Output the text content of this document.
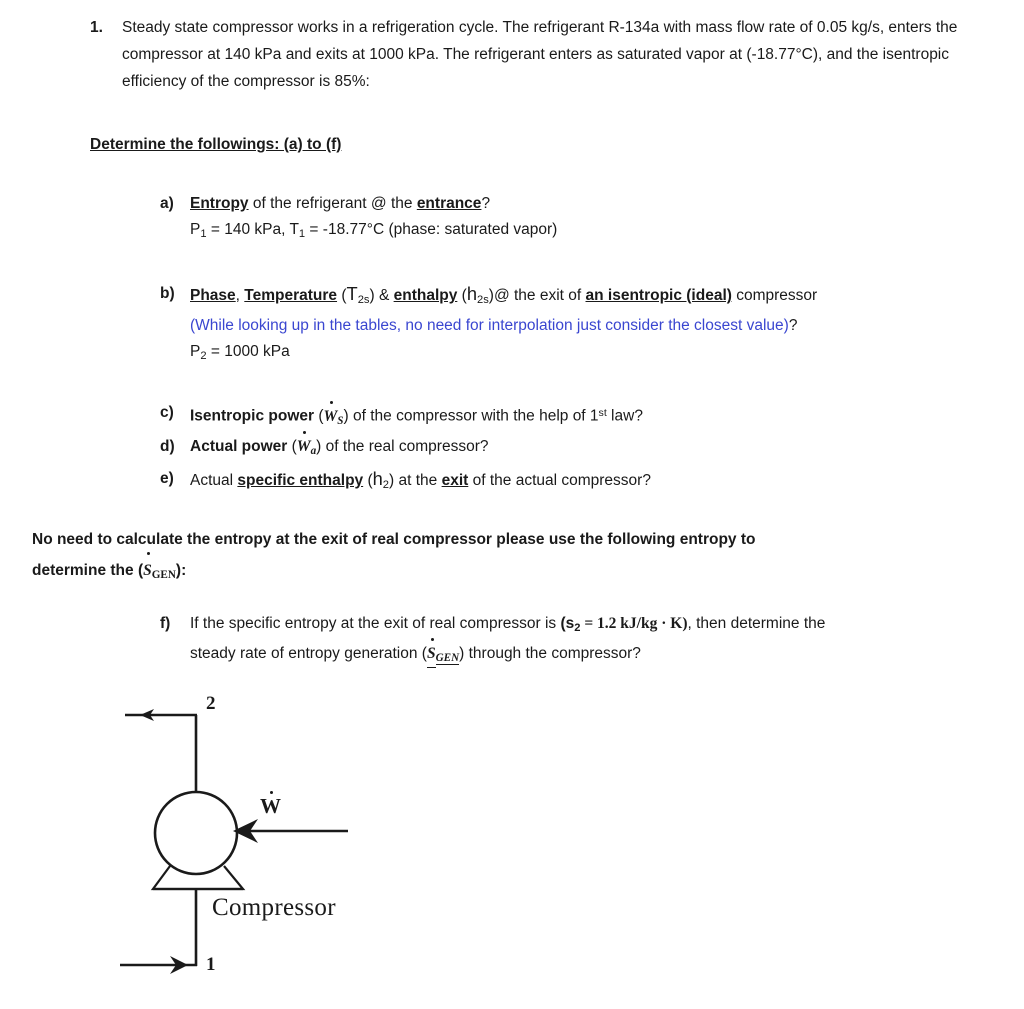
1. Steady state compressor works in a refrigeration cycle. The refrigerant R-134a with mass flow rate of 0.05 kg/s, enters the compressor at 140 kPa and exits at 1000 kPa. The refrigerant enters as saturated vapor at (-18.77°C), and the isentropic efficiency of the compressor is 85%:
Determine the followings: (a) to (f)
a)	Entropy of the refrigerant @ the entrance?
$P_1 = 140$ kPa, $T_1 = -18.77^\circ C$ (phase: saturated vapor)
b) Phase, Temperature $(T_{2s})$ & enthalpy $(h_{2s})@$ the exit of an isentropic (ideal) compressor
(While looking up in the tables, no need for interpolation just consider the closest value)?
$P_2 = 1000$ kPa
c)	Isentropic power $(W_S)$ of the compressor with the help of 1st law?
d) Actual power $(W_a)$ of the real compressor?
e)	Actual specific enthalpy $(h_2)$ at the exit of the actual compressor?
No need to calculate the entropy at the exit of real compressor please use the following entropy to
determine the $(S_{GEN})$:
f)	If the specific entropy at the exit of real compressor is ($s_2 = 1.2$ kJ/kg · K), then determine the
steady rate of entropy generation $(S_{GEN})$ through the compressor?
2
1
W
Compressor
